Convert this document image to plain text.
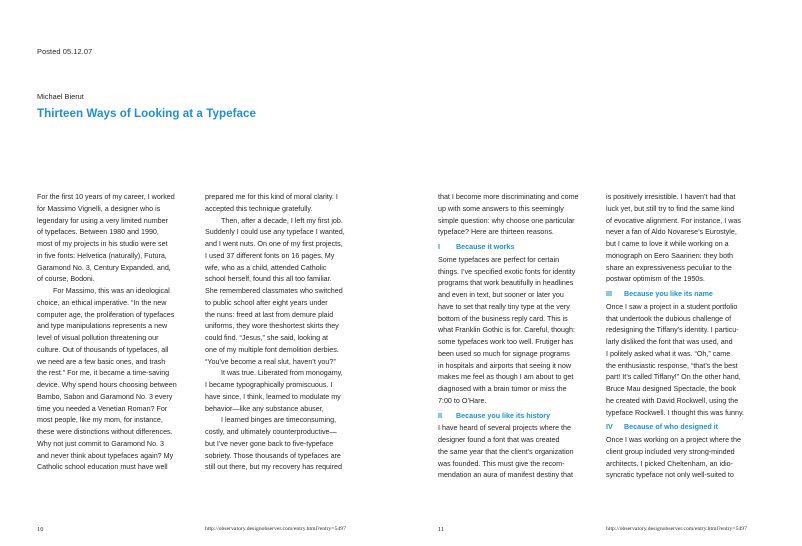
Posted 05.12.07
Michael Bierut
Thirteen Ways of Looking at a Typeface
For the first 10 years of my career, I worked
for Massimo Vignelli, a designer who is
legendary for using a very limited number
of typefaces. Between 1980 and 1990,
most of my projects in his studio were set
in five fonts: Helvetica (naturally), Futura,
Garamond No. 3, Century Expanded, and,
of course, Bodoni.
For Massimo, this was an ideological
choice, an ethical imperative. “In the new
computer age, the proliferation of typefaces
and type manipulations represents a new
level of visual pollution threatening our
culture. Out of thousands of typefaces, all
we need are a few basic ones, and trash
the rest.” For me, it became a time-saving
device. Why spend hours choosing between
Bambo, Sabon and Garamond No. 3 every
time you needed a Venetian Roman? For
most people, like my mom, for instance,
these were distinctions without differences.
Why not just commit to Garamond No. 3
and never think about typefaces again? My
Catholic school education must have well
prepared me for this kind of moral clarity. I
accepted this technique gratefully.
Then, after a decade, I left my first job.
Suddenly I could use any typeface I wanted,
and I went nuts. On one of my first projects,
I used 37 different fonts on 16 pages. My
wife, who as a child, attended Catholic
school herself, found this all too familiar.
She remembered classmates who switched
to public school after eight years under
the nuns: freed at last from demure plaid
uniforms, they wore theshortest skirts they
could find. “Jesus,” she said, looking at
one of my multiple font demolition derbies.
“You’ve become a real slut, haven’t you?”
It was true. Liberated from monogamy,
I became typographically promiscuous. I
have since, I think, learned to modulate my
behavior—like any substance abuser,
I learned binges are timeconsuming,
costly, and ultimately counterproductive—
but I’ve never gone back to five-typeface
sobriety. Those thousands of typefaces are
still out there, but my recovery has required
that I become more discriminating and come
up with some answers to this seemingly
simple question: why choose one particular
typeface? Here are thirteen reasons.
I Because it works
Some typefaces are perfect for certain
things. I’ve specified exotic fonts for identity
programs that work beautifully in headlines
and even in text, but sooner or later you
have to set that really tiny type at the very
bottom of the business reply card. This is
what Franklin Gothic is for. Careful, though:
some typefaces work too well. Frutiger has
been used so much for signage programs
in hospitals and airports that seeing it now
makes me feel as though I am about to get
diagnosed with a brain tumor or miss the
7:00 to O’Hare.
II Because you like its history
I have heard of several projects where the
designer found a font that was created
the same year that the client’s organization
was founded. This must give the recom-
mendation an aura of manifest destiny that
is positively irresistible. I haven’t had that
luck yet, but still try to find the same kind
of evocative alignment. For instance, I was
never a fan of Aldo Novarese’s Eurostyle,
but I came to love it while working on a
monograph on Eero Saarinen: they both
share an expressiveness peculiar to the
postwar optimism of the 1950s.
III Because you like its name
Once I saw a project in a student portfolio
that undertook the dubious challenge of
redesigning the Tiffany’s identity. I particu-
larly disliked the font that was used, and
I politely asked what it was. “Oh,” came
the enthusiastic response, “that’s the best
part! It’s called Tiffany!” On the other hand,
Bruce Mau designed Spectacle, the book
he created with David Rockwell, using the
typeface Rockwell. I thought this was funny.
IV Because of who designed it
Once I was working on a project where the
client group included very strong-minded
architects. I picked Cheltenham, an idio-
syncratic typeface not only well-suited to
10	http://observatory.designobserver.com/entry.html?entry=5497	11	http://observatory.designobserver.com/entry.html?entry=5497
